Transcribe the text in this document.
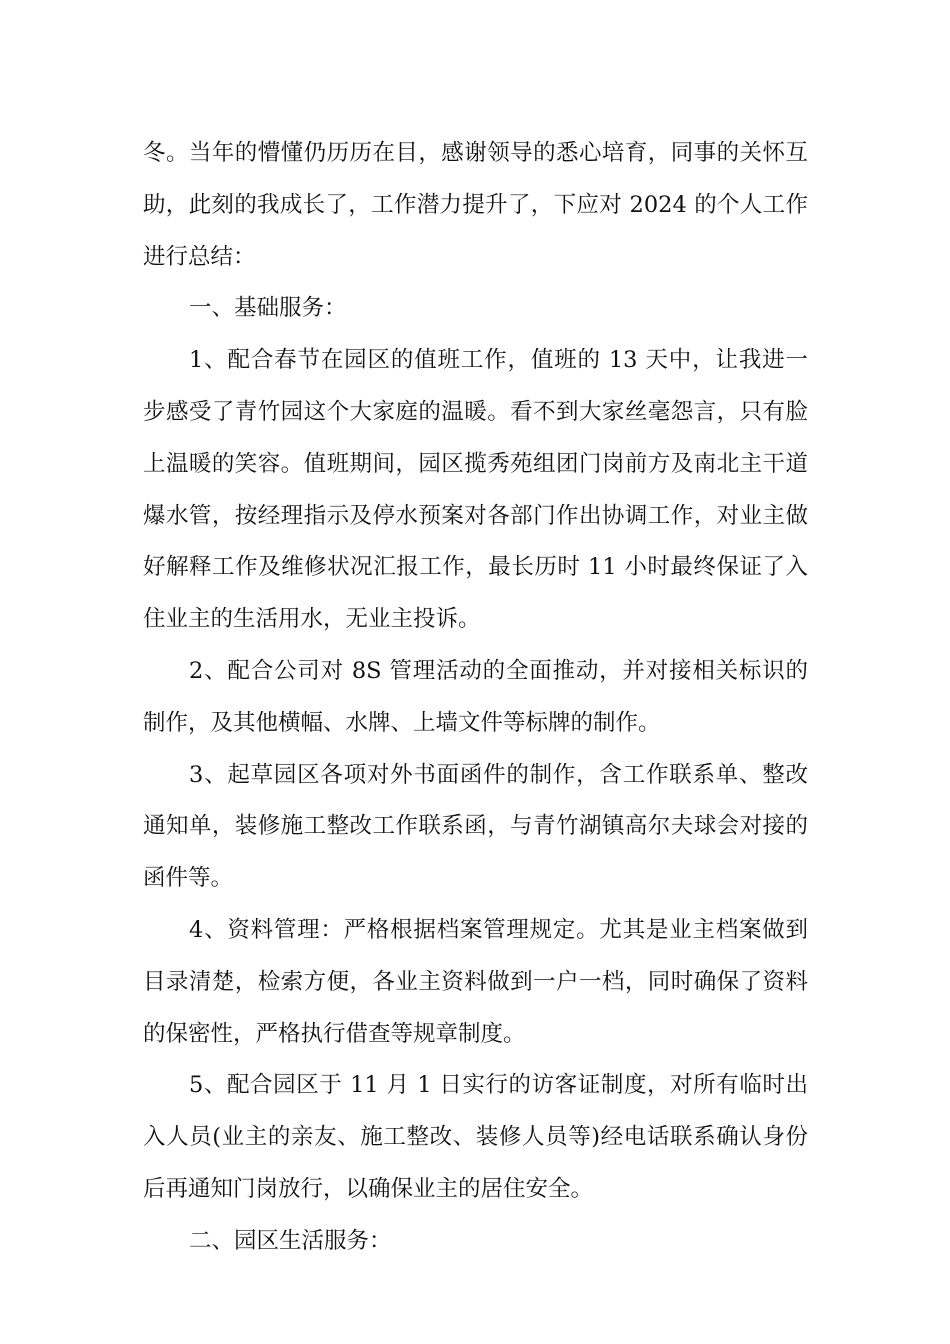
冬。当年的懵懂仍历历在目，感谢领导的悉心培育，同事的关怀互助，此刻的我成长了，工作潜力提升了，下应对 2024 的个人工作进行总结：

一、基础服务：

1、配合春节在园区的值班工作，值班的 13 天中，让我进一步感受了青竹园这个大家庭的温暖。看不到大家丝毫怨言，只有脸上温暖的笑容。值班期间，园区揽秀苑组团门岗前方及南北主干道爆水管，按经理指示及停水预案对各部门作出协调工作，对业主做好解释工作及维修状况汇报工作，最长历时 11 小时最终保证了入住业主的生活用水，无业主投诉。

2、配合公司对 8S 管理活动的全面推动，并对接相关标识的制作，及其他横幅、水牌、上墙文件等标牌的制作。

3、起草园区各项对外书面函件的制作，含工作联系单、整改通知单，装修施工整改工作联系函，与青竹湖镇高尔夫球会对接的函件等。

4、资料管理：严格根据档案管理规定。尤其是业主档案做到目录清楚，检索方便，各业主资料做到一户一档，同时确保了资料的保密性，严格执行借查等规章制度。

5、配合园区于 11 月 1 日实行的访客证制度，对所有临时出入人员(业主的亲友、施工整改、装修人员等)经电话联系确认身份后再通知门岗放行，以确保业主的居住安全。

二、园区生活服务：
